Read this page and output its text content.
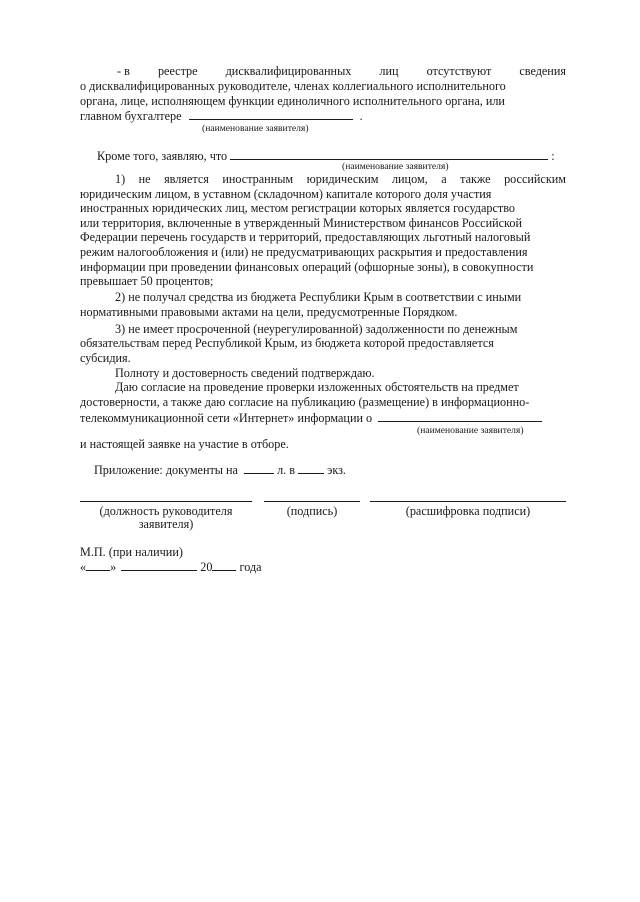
- в реестре дисквалифицированных лиц отсутствуют сведения
о дисквалифицированных руководителе, членах коллегиального исполнительного
органа, лице, исполняющем функции единоличного исполнительного органа, или
главном бухгалтере	.
(наименование заявителя)
Кроме того, заявляю, что	:
(наименование заявителя)
1) не является иностранным юридическим лицом, а также российским
юридическим лицом, в уставном (складочном) капитале которого доля участия
иностранных юридических лиц, местом регистрации которых является государство
или территория, включенные в утвержденный Министерством финансов Российской
Федерации перечень государств и территорий, предоставляющих льготный налоговый
режим налогообложения и (или) не предусматривающих раскрытия и предоставления
информации при проведении финансовых операций (офшорные зоны), в совокупности
превышает 50 процентов;
2) не получал средства из бюджета Республики Крым в соответствии с иными
нормативными правовыми актами на цели, предусмотренные Порядком.
3) не имеет просроченной (неурегулированной) задолженности по денежным
обязательствам перед Республикой Крым, из бюджета которой предоставляется
субсидия.
Полноту и достоверность сведений подтверждаю.
Даю согласие на проведение проверки изложенных обстоятельств на предмет
достоверности, а также даю согласие на публикацию (размещение) в информационно-
телекоммуникационной сети «Интернет» информации о
(наименование заявителя)
и настоящей заявке на участие в отборе.
Приложение: документы на	л. в	экз.
(должность руководителя
заявителя)
(подпись)	(расшифровка подписи)
М.П. (при наличии)
« »	20 года
